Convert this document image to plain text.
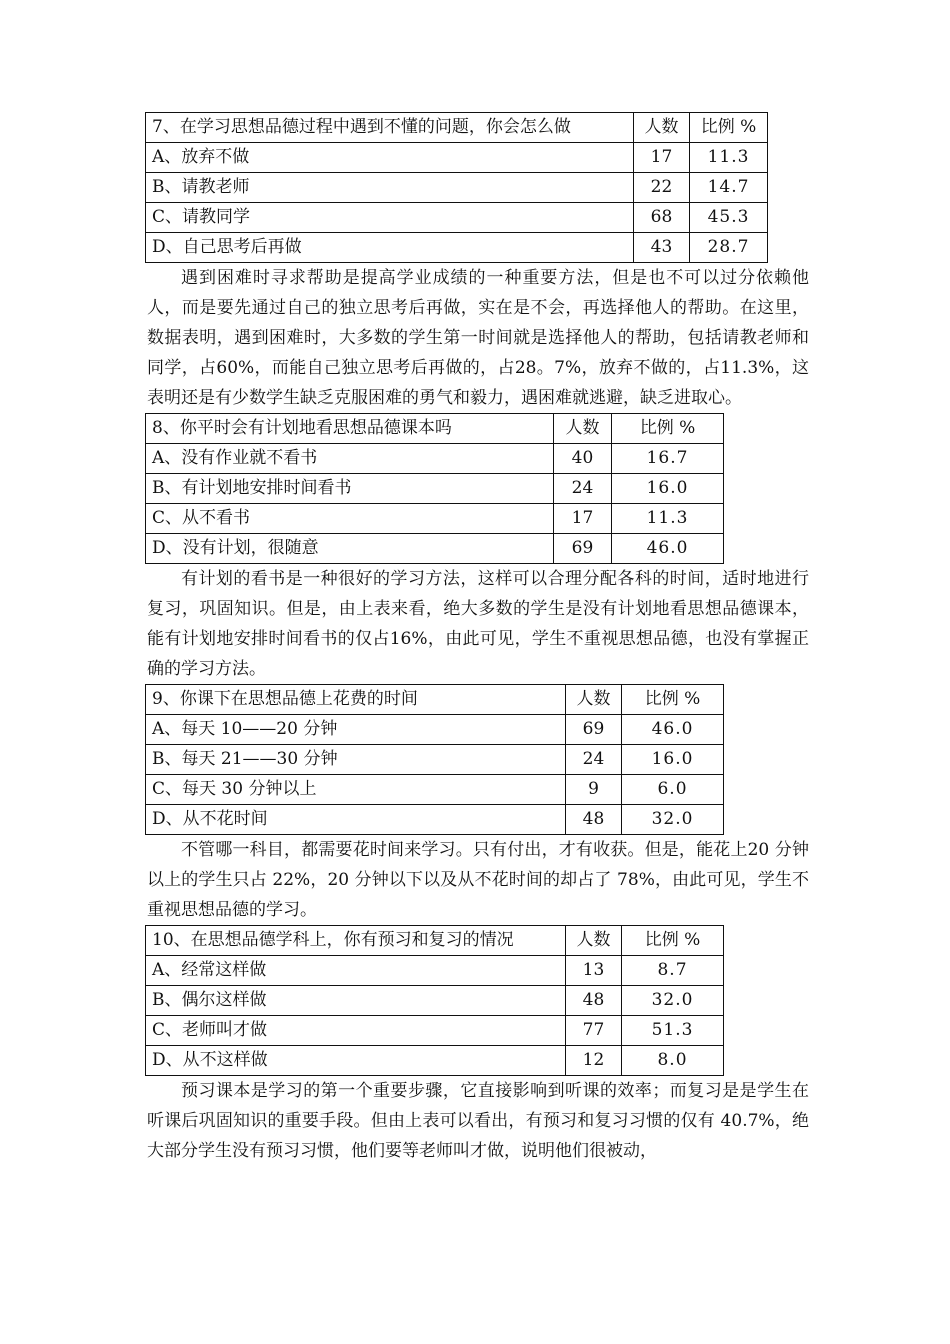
7、在学习思想品德过程中遇到不懂的问题，你会怎么做	人数	比例 %
A、放弃不做	17	11.3
B、请教老师	22	14.7
C、请教同学	68	45.3
D、自己思考后再做	43	28.7

遇到困难时寻求帮助是提高学业成绩的一种重要方法，但是也不可以过分依赖他人，而是要先通过自己的独立思考后再做，实在是不会，再选择他人的帮助。在这里，数据表明，遇到困难时，大多数的学生第一时间就是选择他人的帮助，包括请教老师和同学，占60%，而能自己独立思考后再做的，占28。7%，放弃不做的，占11.3%，这表明还是有少数学生缺乏克服困难的勇气和毅力，遇困难就逃避，缺乏进取心。

8、你平时会有计划地看思想品德课本吗	人数	比例 %
A、没有作业就不看书	40	16.7
B、有计划地安排时间看书	24	16.0
C、从不看书	17	11.3
D、没有计划，很随意	69	46.0

有计划的看书是一种很好的学习方法，这样可以合理分配各科的时间，适时地进行复习，巩固知识。但是，由上表来看，绝大多数的学生是没有计划地看思想品德课本，能有计划地安排时间看书的仅占16%，由此可见，学生不重视思想品德，也没有掌握正确的学习方法。

9、你课下在思想品德上花费的时间	人数	比例 %
A、每天 10——20 分钟	69	46.0
B、每天 21——30 分钟	24	16.0
C、每天 30 分钟以上	9	6.0
D、从不花时间	48	32.0

不管哪一科目，都需要花时间来学习。只有付出，才有收获。但是，能花上20 分钟以上的学生只占 22%，20 分钟以下以及从不花时间的却占了 78%，由此可见，学生不重视思想品德的学习。

10、在思想品德学科上，你有预习和复习的情况	人数	比例 %
A、经常这样做	13	8.7
B、偶尔这样做	48	32.0
C、老师叫才做	77	51.3
D、从不这样做	12	8.0

预习课本是学习的第一个重要步骤，它直接影响到听课的效率；而复习是是学生在听课后巩固知识的重要手段。但由上表可以看出，有预习和复习习惯的仅有 40.7%，绝大部分学生没有预习习惯，他们要等老师叫才做，说明他们很被动，
